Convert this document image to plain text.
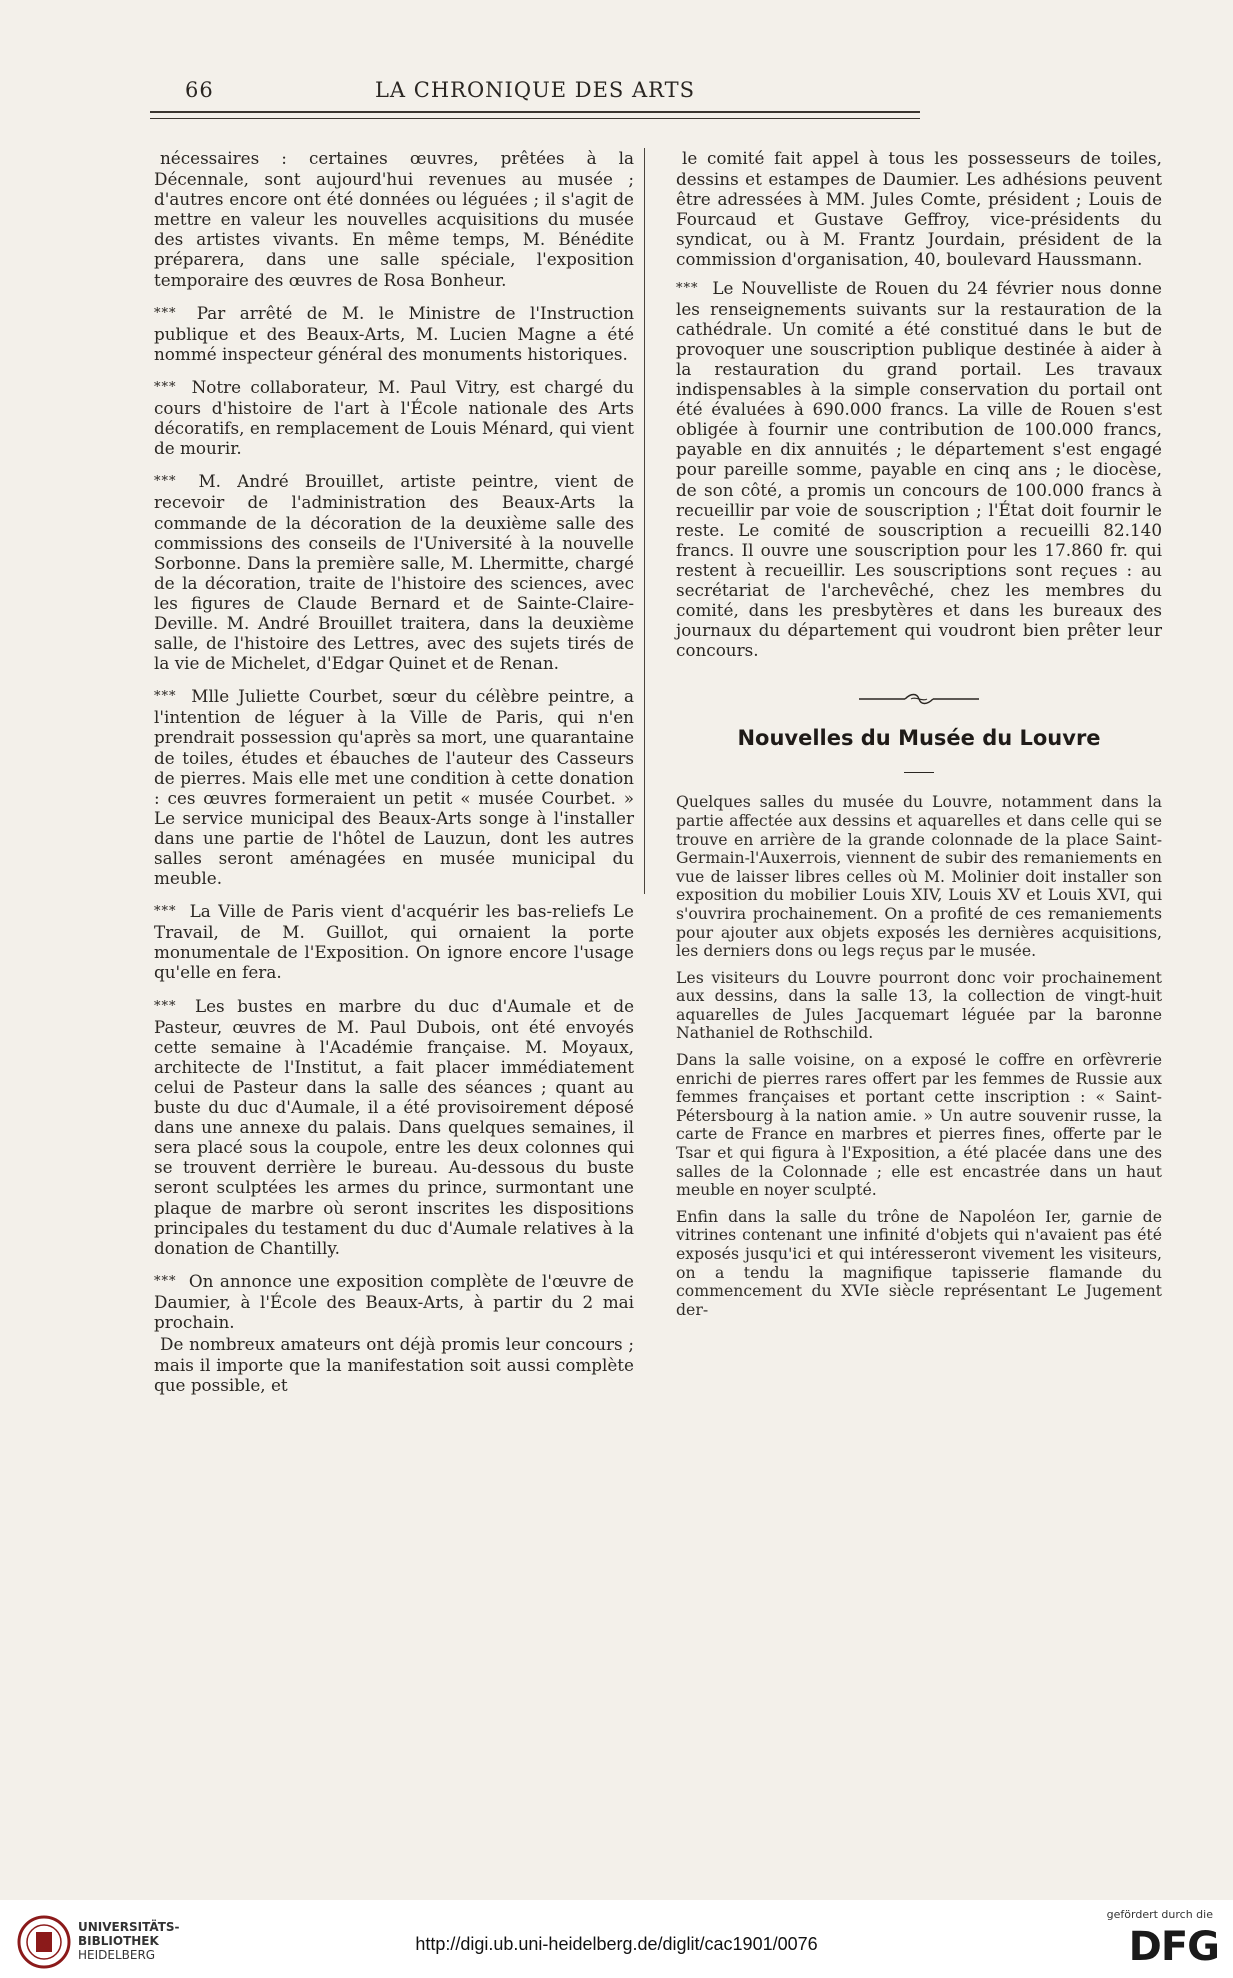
66	LA CHRONIQUE DES ARTS

nécessaires : certaines œuvres, prêtées à la Décennale, sont aujourd'hui revenues au musée ; d'autres encore ont été données ou léguées ; il s'agit de mettre en valeur les nouvelles acquisitions du musée des artistes vivants. En même temps, M. Bénédite préparera, dans une salle spéciale, l'exposition temporaire des œuvres de Rosa Bonheur.

*** Par arrêté de M. le Ministre de l'Instruction publique et des Beaux-Arts, M. Lucien Magne a été nommé inspecteur général des monuments historiques.

*** Notre collaborateur, M. Paul Vitry, est chargé du cours d'histoire de l'art à l'École nationale des Arts décoratifs, en remplacement de Louis Ménard, qui vient de mourir.

*** M. André Brouillet, artiste peintre, vient de recevoir de l'administration des Beaux-Arts la commande de la décoration de la deuxième salle des commissions des conseils de l'Université à la nouvelle Sorbonne. Dans la première salle, M. Lhermitte, chargé de la décoration, traite de l'histoire des sciences, avec les figures de Claude Bernard et de Sainte-Claire-Deville. M. André Brouillet traitera, dans la deuxième salle, de l'histoire des Lettres, avec des sujets tirés de la vie de Michelet, d'Edgar Quinet et de Renan.

*** Mlle Juliette Courbet, sœur du célèbre peintre, a l'intention de léguer à la Ville de Paris, qui n'en prendrait possession qu'après sa mort, une quarantaine de toiles, études et ébauches de l'auteur des Casseurs de pierres. Mais elle met une condition à cette donation : ces œuvres formeraient un petit « musée Courbet. » Le service municipal des Beaux-Arts songe à l'installer dans une partie de l'hôtel de Lauzun, dont les autres salles seront aménagées en musée municipal du meuble.

*** La Ville de Paris vient d'acquérir les bas-reliefs Le Travail, de M. Guillot, qui ornaient la porte monumentale de l'Exposition. On ignore encore l'usage qu'elle en fera.

*** Les bustes en marbre du duc d'Aumale et de Pasteur, œuvres de M. Paul Dubois, ont été envoyés cette semaine à l'Académie française. M. Moyaux, architecte de l'Institut, a fait placer immédiatement celui de Pasteur dans la salle des séances ; quant au buste du duc d'Aumale, il a été provisoirement déposé dans une annexe du palais. Dans quelques semaines, il sera placé sous la coupole, entre les deux colonnes qui se trouvent derrière le bureau. Au-dessous du buste seront sculptées les armes du prince, surmontant une plaque de marbre où seront inscrites les dispositions principales du testament du duc d'Aumale relatives à la donation de Chantilly.

*** On annonce une exposition complète de l'œuvre de Daumier, à l'École des Beaux-Arts, à partir du 2 mai prochain.

De nombreux amateurs ont déjà promis leur concours ; mais il importe que la manifestation soit aussi complète que possible, et

le comité fait appel à tous les possesseurs de toiles, dessins et estampes de Daumier. Les adhésions peuvent être adressées à MM. Jules Comte, président ; Louis de Fourcaud et Gustave Geffroy, vice-présidents du syndicat, ou à M. Frantz Jourdain, président de la commission d'organisation, 40, boulevard Haussmann.

*** Le Nouvelliste de Rouen du 24 février nous donne les renseignements suivants sur la restauration de la cathédrale. Un comité a été constitué dans le but de provoquer une souscription publique destinée à aider à la restauration du grand portail. Les travaux indispensables à la simple conservation du portail ont été évaluées à 690.000 francs. La ville de Rouen s'est obligée à fournir une contribution de 100.000 francs, payable en dix annuités ; le département s'est engagé pour pareille somme, payable en cinq ans ; le diocèse, de son côté, a promis un concours de 100.000 francs à recueillir par voie de souscription ; l'État doit fournir le reste. Le comité de souscription a recueilli 82.140 francs. Il ouvre une souscription pour les 17.860 fr. qui restent à recueillir. Les souscriptions sont reçues : au secrétariat de l'archevêché, chez les membres du comité, dans les presbytères et dans les bureaux des journaux du département qui voudront bien prêter leur concours.

Nouvelles du Musée du Louvre

Quelques salles du musée du Louvre, notamment dans la partie affectée aux dessins et aquarelles et dans celle qui se trouve en arrière de la grande colonnade de la place Saint-Germain-l'Auxerrois, viennent de subir des remaniements en vue de laisser libres celles où M. Molinier doit installer son exposition du mobilier Louis XIV, Louis XV et Louis XVI, qui s'ouvrira prochainement. On a profité de ces remaniements pour ajouter aux objets exposés les dernières acquisitions, les derniers dons ou legs reçus par le musée.

Les visiteurs du Louvre pourront donc voir prochainement aux dessins, dans la salle 13, la collection de vingt-huit aquarelles de Jules Jacquemart léguée par la baronne Nathaniel de Rothschild.

Dans la salle voisine, on a exposé le coffre en orfèvrerie enrichi de pierres rares offert par les femmes de Russie aux femmes françaises et portant cette inscription : « Saint-Pétersbourg à la nation amie. » Un autre souvenir russe, la carte de France en marbres et pierres fines, offerte par le Tsar et qui figura à l'Exposition, a été placée dans une des salles de la Colonnade ; elle est encastrée dans un haut meuble en noyer sculpté.

Enfin dans la salle du trône de Napoléon Ier, garnie de vitrines contenant une infinité d'objets qui n'avaient pas été exposés jusqu'ici et qui intéresseront vivement les visiteurs, on a tendu la magnifique tapisserie flamande du commencement du XVIe siècle représentant Le Jugement der-

UNIVERSITÄTS-
BIBLIOTHEK
HEIDELBERG
http://digi.ub.uni-heidelberg.de/diglit/cac1901/0076
gefördert durch die
DFG
